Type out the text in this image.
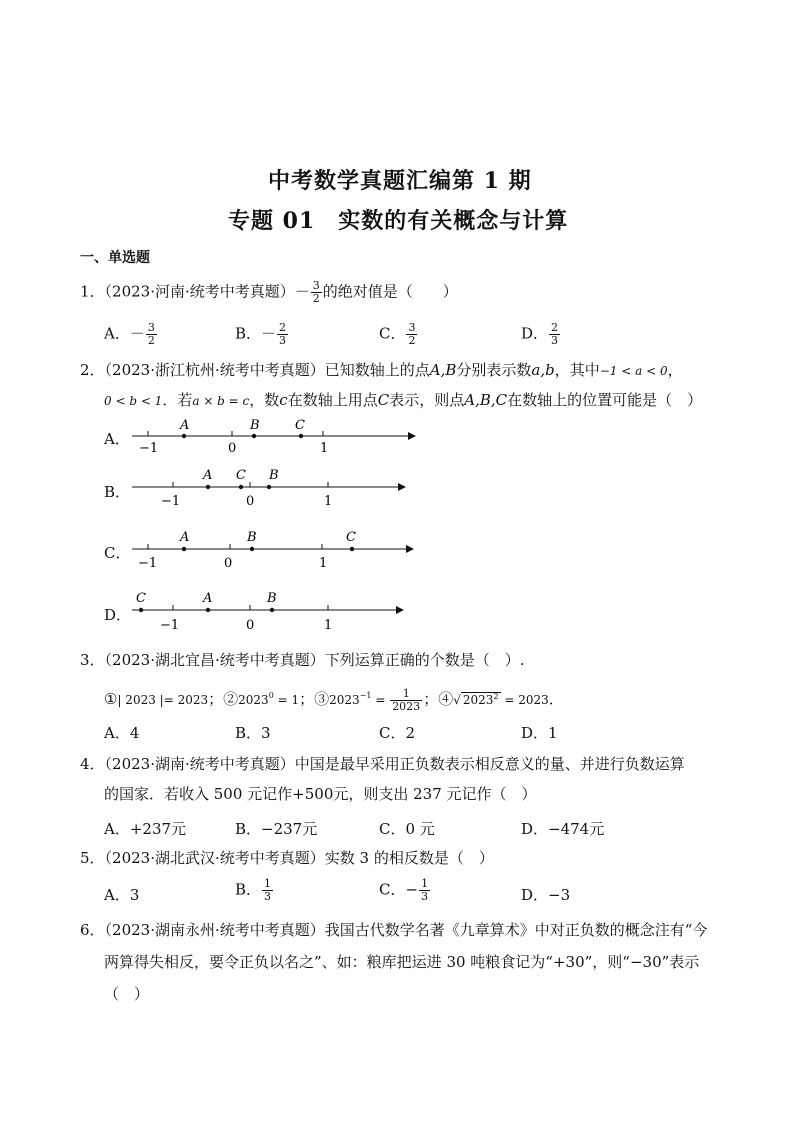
中考数学真题汇编第 1 期
专题 01　实数的有关概念与计算
一、单选题
1．（2023·河南·统考中考真题）－ $\frac{3}{2}$ 的绝对值是（　　）
A．－ $\frac{3}{2}$	B．－ $\frac{2}{3}$	C． $\frac{3}{2}$	D． $\frac{2}{3}$
2．（2023·浙江杭州·统考中考真题）已知数轴上的点A,B分别表示数a,b，其中−1 < a < 0，
0 < b < 1．若a × b = c，数c在数轴上用点C表示，则点A,B,C在数轴上的位置可能是（　）
A．
A	B	C
−1	0	1
B．
A C B
−1	0	1
C．
A	B	C
−1	0	1
D．
C	A	B
−1	0	1
3．（2023·湖北宜昌·统考中考真题）下列运算正确的个数是（　）.
①| 2023 |= 2023；$②2023^0 = 1$；$③2023^{-1} = \frac{1}{2023}$ ；④√ $2023^2 = 2023$．
A．4	B．3	C．2	D．1
4．（2023·湖南·统考中考真题）中国是最早采用正负数表示相反意义的量、并进行负数运算
的国家．若收入 500 元记作+500元，则支出 237 元记作（　）
A．+237元	B．−237元	C．0 元	D．−474元
5．（2023·湖北武汉·统考中考真题）实数 3 的相反数是（　）
A．3	B． $\frac{1}{3}$	C．− $\frac{1}{3}$	D．−3
6．（2023·湖南永州·统考中考真题）我国古代数学名著《九章算术》中对正负数的概念注有“今
两算得失相反，要令正负以名之”、如：粮库把运进 30 吨粮食记为“+30”，则“−30”表示
（　）
